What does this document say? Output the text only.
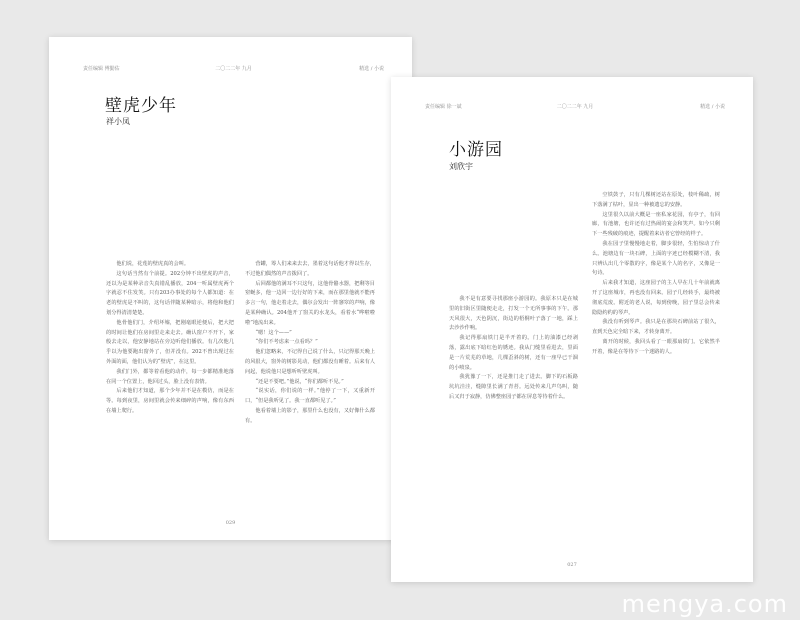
责任编辑 傅勤佑	二〇二二年 九月	精选 / 小说
壁虎少年
祥小凤

他们说，花莲的壁虎真的会叫。

这句话当然有个前提。202分钟不出壁虎的声音，还以为是某种录音失真错乱播放，204一听属壁虎两个字就忍不住发笑。只有203办事处的每个人都知道：在老的壁虎是不叫的，这句话伴随某种暗示，将他和他们划分得清清楚楚。

他骨他们门，介绍坏墟，把刚毫眼逆便后，把大把的时间让他们在房间里走来走去。确认窗户不开下，家般去走以，他安静地站在旁边听他们播放。有几次他几乎以为他要跑出窗外了，但并没有。202不曾出现过在外面的面，他们认为的“壁虎”，在这里。

我们门外，都等着看他的动作，每一步都精准地落在同一个位置上，他回过头，脸上没有表情。

后来他们才知道，那个少年并不是在模仿，而是在等。每到夜里，房间里就会传来细碎的声响，像有东西在墙上爬行。

营罐，筹人们来来去去，墨着这句话他才得以生存，不过他们偶然的声音拨回了。

后回都他的满耳不只这句，这他骨骼水器，把剩等目窒蜒多，他一边回一边行好的下来，而在那里他就不能再多言一句，他走着走去，偶尔会发出一阵窸窣的声响，像是某种确认。204他开了窗关的水龙头，看着水“哗啦啦啦”地流出来。

“嗯！这个——”

“你们不考虑来一点看吗？”

他们忽略来，不记得自己说了什么，只记得那天晚上的风很大，窗外的树影晃动，他们都没有睡着。后来有人问起，他说他只是想听听壁虎叫。

“还是不要吧。”他说，“你们都听不见。”

“说实话，你们说的一样。”他停了一下，又重新开口，“但是我听见了。我一直都听见了。”

他看着墙上的影子，那里什么也没有，又好像什么都有。

029
责任编辑 徐一斌	二〇二二年 九月	精选 / 小说
小游园
刘欣宇

我不是有意要寻找那座小游园的。我原本只是在城里的旧街区里随便走走，打发一个无所事事的下午。那天风很大，天色阴沉，街边的梧桐叶子落了一地，踩上去沙沙作响。

我记得那扇铁门是半开着的。门上的油漆已经剥落，露出底下暗红色的锈迹。我从门缝里看进去，里面是一片荒芜的草地，几棵歪斜的树，还有一座早已干涸的小喷泉。

我犹豫了一下，还是推门走了进去。脚下的石板路坑坑洼洼，缝隙里长满了青苔。远处传来几声鸟叫，随后又归于寂静，仿佛整座园子都在屏息等待着什么。

空铁鼓子，只有几棵树还站在原处，枝叶稀疏，树下落满了枯叶，显出一种被遗忘的安静。

这里很久以前大概是一座私家花园，有亭子，有回廊，有池塘，也许还有过热闹的宴会和笑声。如今只剩下一些残破的痕迹，提醒着来访者它曾经的样子。

我在园子里慢慢地走着，脚步很轻，生怕惊动了什么。池塘边有一块石碑，上面的字迹已经模糊不清，我只辨认出几个零散的字，像是某个人的名字，又像是一句诗。

后来我才知道，这座园子的主人早在几十年前就离开了这座城市，再也没有回来。园子几经转手，最终被彻底荒废。附近的老人说，每到傍晚，园子里总会传来隐隐约约的琴声。

我没有听到琴声。我只是在那块石碑前站了很久，直到天色完全暗下来，才转身离开。

离开的时候，我回头看了一眼那扇铁门。它依然半开着，像是在等待下一个迷路的人。

027
mengya.com
